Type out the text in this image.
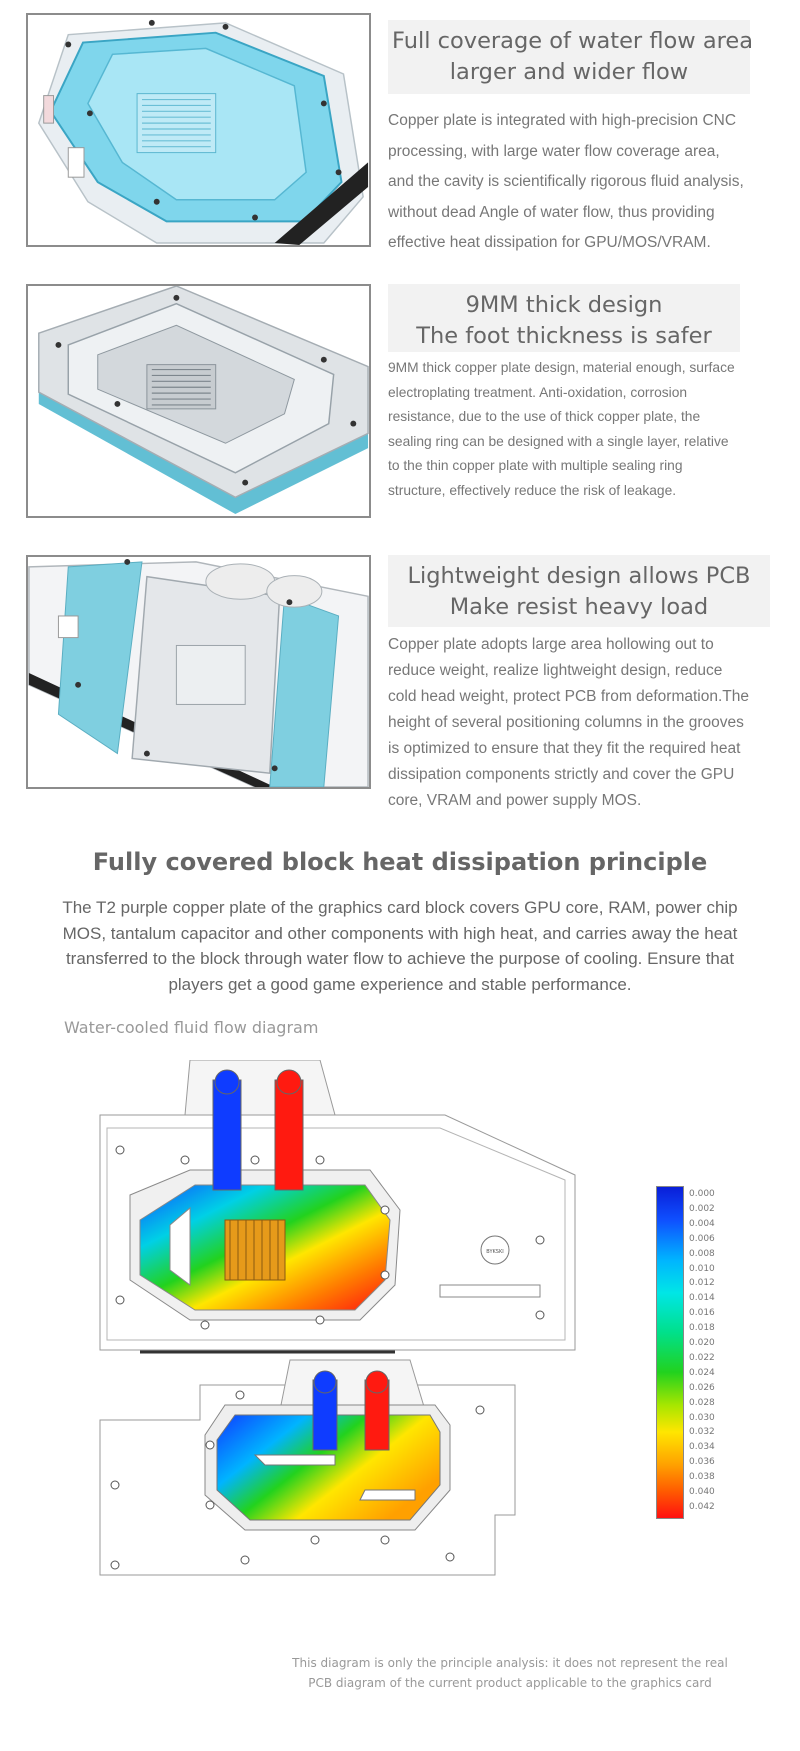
Full coverage of water flow area
larger and wider flow
Copper plate is integrated with high-precision CNC
processing, with large water flow coverage area,
and the cavity is scientifically rigorous fluid analysis,
without dead Angle of water flow, thus providing
effective heat dissipation for GPU/MOS/VRAM.
9MM thick design
The foot thickness is safer
9MM thick copper plate design, material enough, surface
electroplating treatment. Anti-oxidation, corrosion
resistance, due to the use of thick copper plate, the
sealing ring can be designed with a single layer, relative
to the thin copper plate with multiple sealing ring
structure, effectively reduce the risk of leakage.
Lightweight design allows PCB
Make resist heavy load
Copper plate adopts large area hollowing out to
reduce weight, realize lightweight design, reduce
cold head weight, protect PCB from deformation.The
height of several positioning columns in the grooves
is optimized to ensure that they fit the required heat
dissipation components strictly and cover the GPU
core, VRAM and power supply MOS.
Fully covered block heat dissipation principle
The T2 purple copper plate of the graphics card block covers GPU core, RAM, power chip
MOS, tantalum capacitor and other components with high heat, and carries away the heat
transferred to the block through water flow to achieve the purpose of cooling. Ensure that
players get a good game experience and stable performance.
Water-cooled fluid flow diagram
BYKSKI
0.000
0.002
0.004
0.006
0.008
0.010
0.012
0.014
0.016
0.018
0.020
0.022
0.024
0.026
0.028
0.030
0.032
0.034
0.036
0.038
0.040
0.042
This diagram is only the principle analysis: it does not represent the real
PCB diagram of the current product applicable to the graphics card
